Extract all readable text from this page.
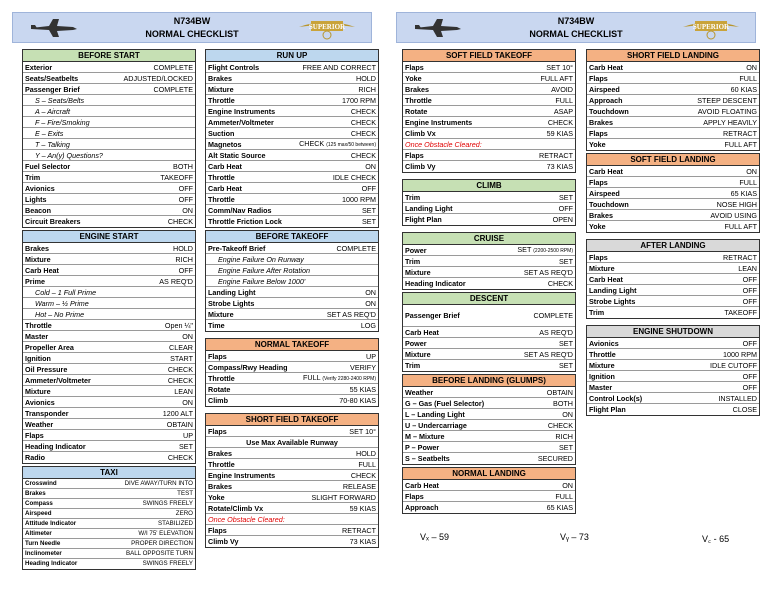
N734BW
NORMAL CHECKLIST
SUPERIOR
BEFORE START
Exterior	COMPLETE
Seats/Seatbelts	ADJUSTED/LOCKED
Passenger Brief	COMPLETE
S – Seats/Belts
A – Aircraft
F – Fire/Smoking
E – Exits
T – Talking
Y – An(y) Questions?
Fuel Selector	BOTH
Trim	TAKEOFF
Avionics	OFF
Lights	OFF
Beacon	ON
Circuit Breakers	CHECK
ENGINE START
Brakes	HOLD
Mixture	RICH
Carb Heat	OFF
Prime	AS REQ'D
Cold – 1 Full Prime
Warm – ½ Prime
Hot – No Prime
Throttle	Open ¼"
Master	ON
Propeller Area	CLEAR
Ignition	START
Oil Pressure	CHECK
Ammeter/Voltmeter	CHECK
Mixture	LEAN
Avionics	ON
Transponder	1200 ALT
Weather	OBTAIN
Flaps	UP
Heading Indicator	SET
Radio	CHECK
TAXI
Crosswind	DIVE AWAY/TURN INTO
Brakes	TEST
Compass	SWINGS FREELY
Airspeed	ZERO
Attitude Indicator	STABILIZED
Altimeter	W/I 75' ELEVATION
Turn Needle	PROPER DIRECTION
Inclinometer	BALL OPPOSITE TURN
Heading Indicator	SWINGS FREELY
RUN UP
Flight Controls	FREE AND CORRECT
Brakes	HOLD
Mixture	RICH
Throttle	1700 RPM
Engine Instruments	CHECK
Ammeter/Voltmeter	CHECK
Suction	CHECK
Magnetos	CHECK (125 max/50 between)
Alt Static Source	CHECK
Carb Heat	ON
Throttle	IDLE CHECK
Carb Heat	OFF
Throttle	1000 RPM
Comm/Nav Radios	SET
Throttle Friction Lock	SET
BEFORE TAKEOFF
Pre-Takeoff Brief	COMPLETE
Engine Failure On Runway
Engine Failure After Rotation
Engine Failure Below 1000'
Landing Light	ON
Strobe Lights	ON
Mixture	SET AS REQ'D
Time	LOG
NORMAL TAKEOFF
Flaps	UP
Compass/Rwy Heading	VERIFY
Throttle	FULL (Verify 2280-2400 RPM)
Rotate	55 KIAS
Climb	70-80 KIAS
SHORT FIELD TAKEOFF
Flaps	SET 10°
Use Max Available Runway
Brakes	HOLD
Throttle	FULL
Engine Instruments	CHECK
Brakes	RELEASE
Yoke	SLIGHT FORWARD
Rotate/Climb Vx	59 KIAS
Once Obstacle Cleared:
Flaps	RETRACT
Climb Vy	73 KIAS
N734BW
NORMAL CHECKLIST
SUPERIOR
SOFT FIELD TAKEOFF
Flaps	SET 10°
Yoke	FULL AFT
Brakes	AVOID
Throttle	FULL
Rotate	ASAP
Engine Instruments	CHECK
Climb Vx	59 KIAS
Once Obstacle Cleared:
Flaps	RETRACT
Climb Vy	73 KIAS
CLIMB
Trim	SET
Landing Light	OFF
Flight Plan	OPEN
CRUISE
Power	SET (2200-2500 RPM)
Trim	SET
Mixture	SET AS REQ'D
Heading Indicator	CHECK
DESCENT
Passenger Brief	COMPLETE
Carb Heat	AS REQ'D
Power	SET
Mixture	SET AS REQ'D
Trim	SET
BEFORE LANDING (GLUMPS)
Weather	OBTAIN
G – Gas (Fuel Selector)	BOTH
L – Landing Light	ON
U – Undercarriage	CHECK
M – Mixture	RICH
P – Power	SET
S – Seatbelts	SECURED
NORMAL LANDING
Carb Heat	ON
Flaps	FULL
Approach	65 KIAS
SHORT FIELD LANDING
Carb Heat	ON
Flaps	FULL
Airspeed	60 KIAS
Approach	STEEP DESCENT
Touchdown	AVOID FLOATING
Brakes	APPLY HEAVILY
Flaps	RETRACT
Yoke	FULL AFT
SOFT FIELD LANDING
Carb Heat	ON
Flaps	FULL
Airspeed	65 KIAS
Touchdown	NOSE HIGH
Brakes	AVOID USING
Yoke	FULL AFT
AFTER LANDING
Flaps	RETRACT
Mixture	LEAN
Carb Heat	OFF
Landing Light	OFF
Strobe Lights	OFF
Trim	TAKEOFF
ENGINE SHUTDOWN
Avionics	OFF
Throttle	1000 RPM
Mixture	IDLE CUTOFF
Ignition	OFF
Master	OFF
Control Lock(s)	INSTALLED
Flight Plan	CLOSE
Vₓ – 59	Vᵧ – 73	V꜀ - 65
